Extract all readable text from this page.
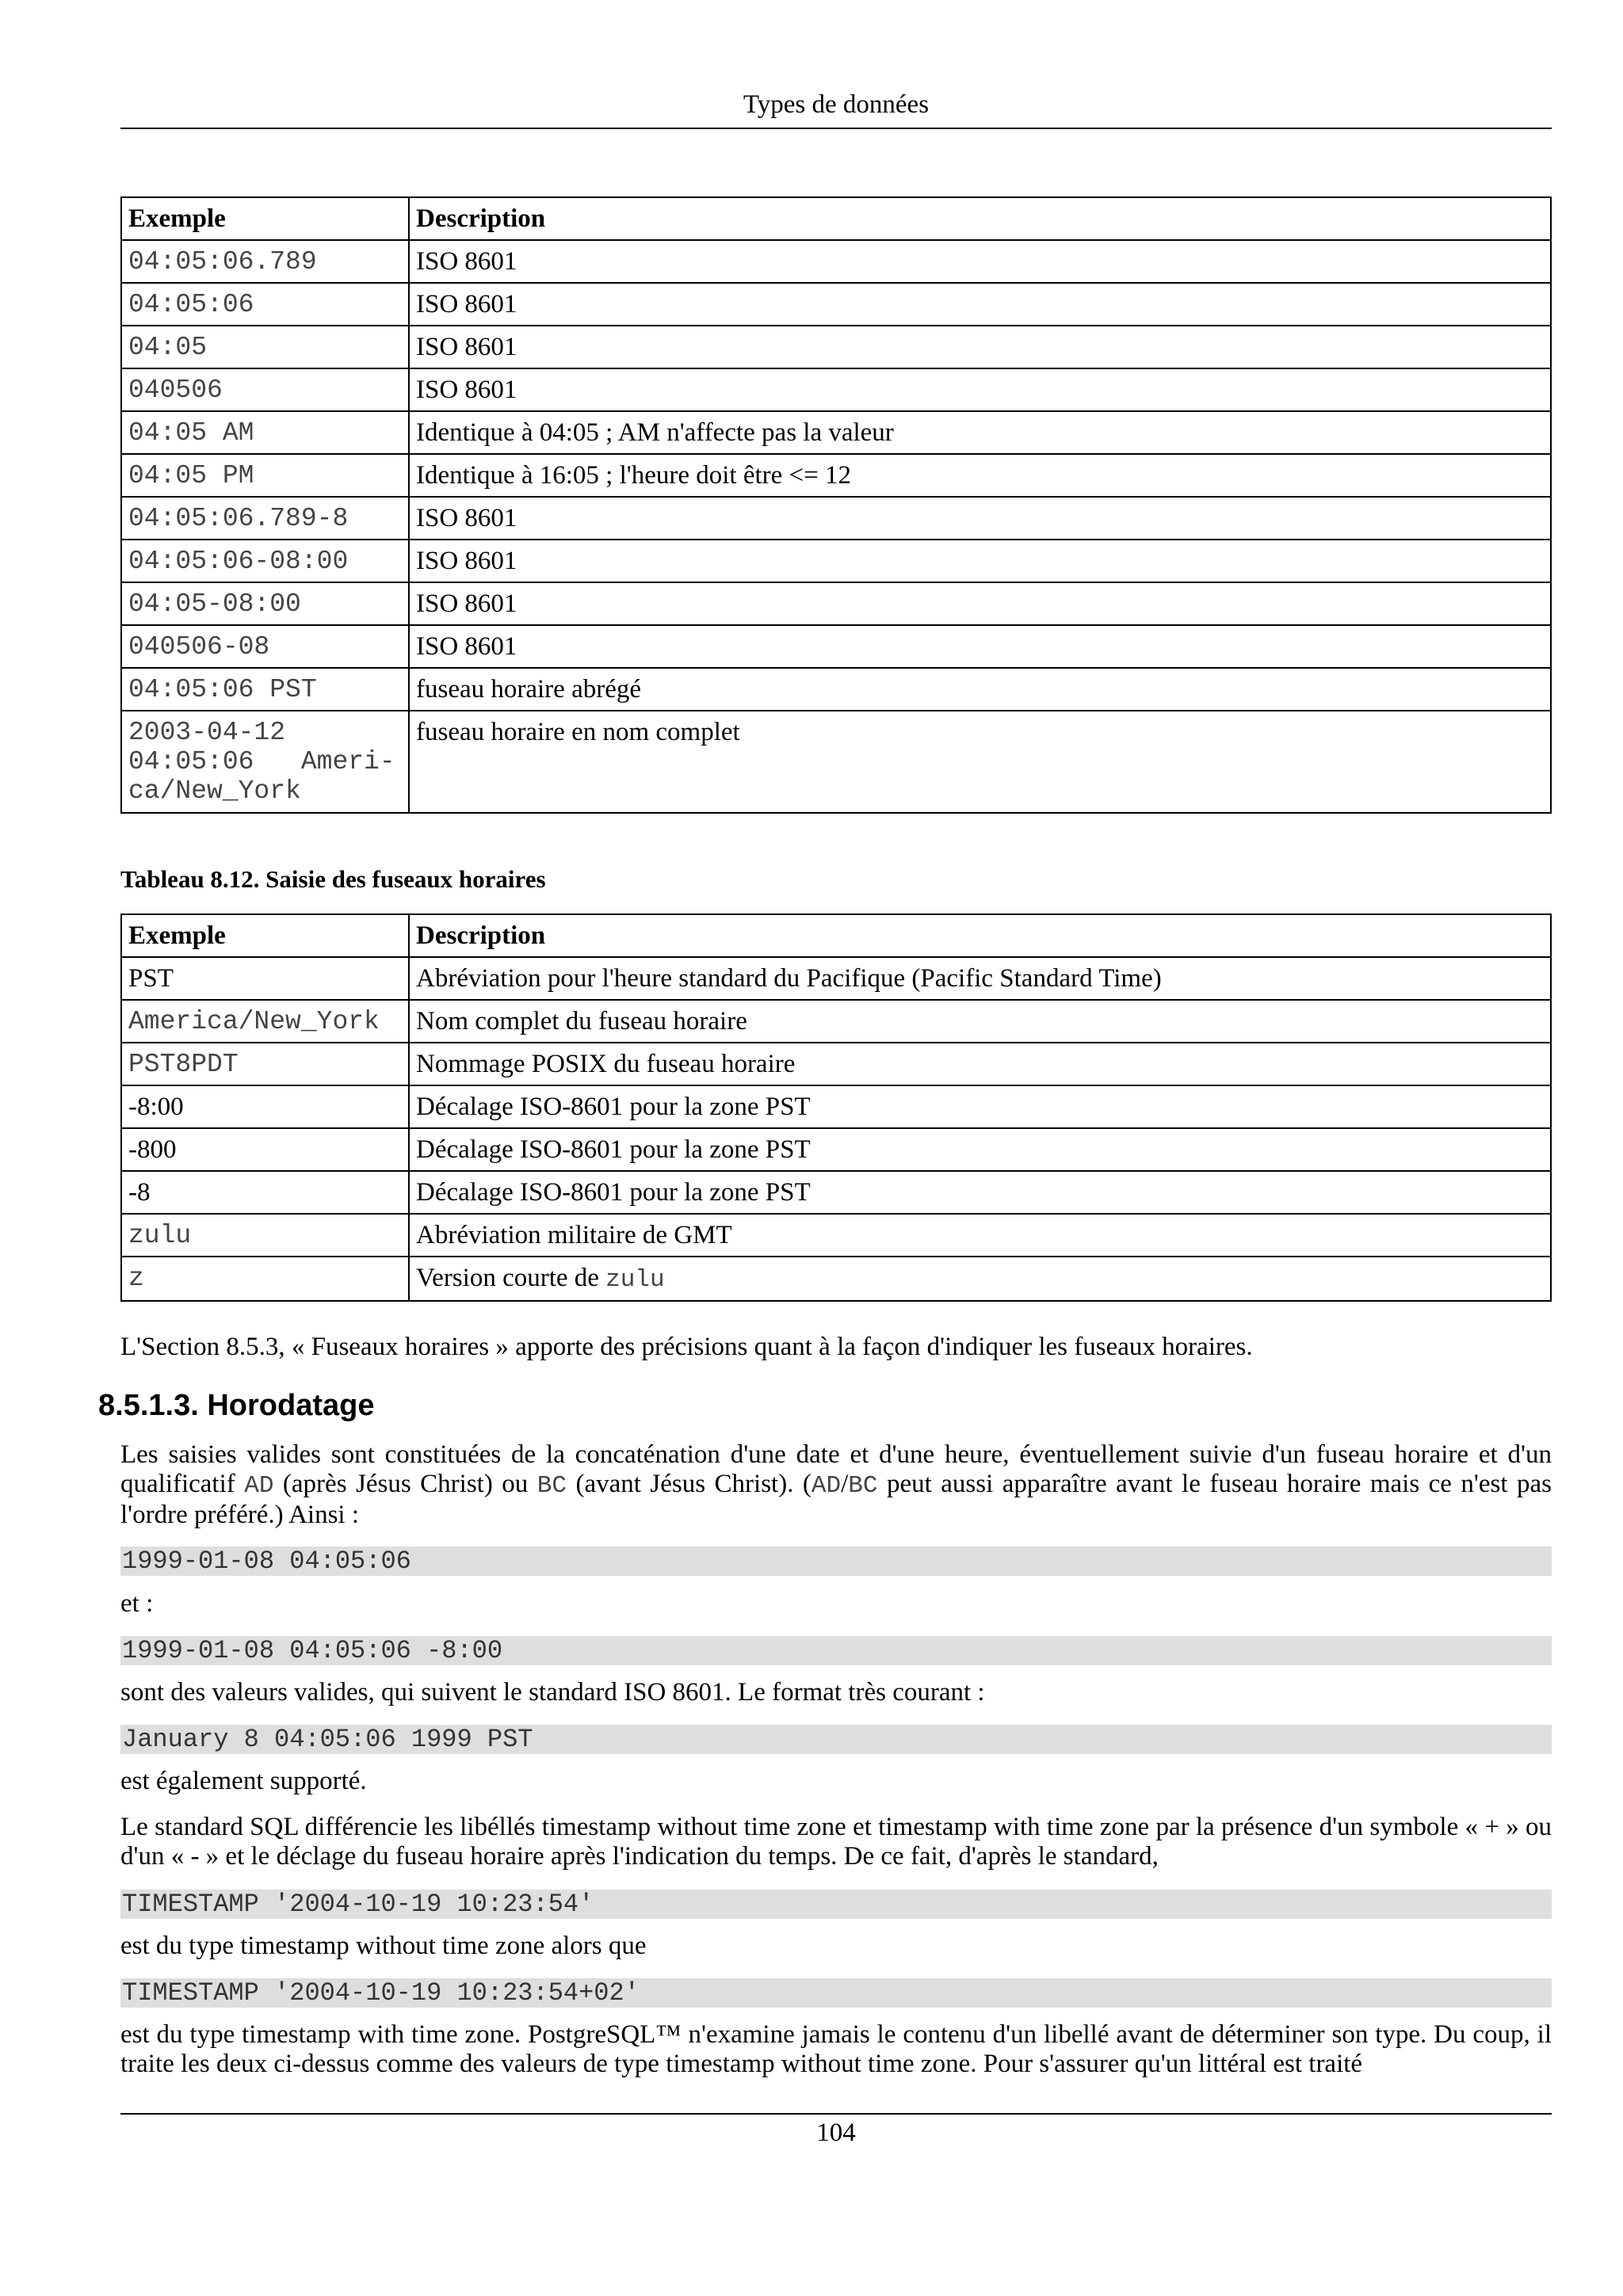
Types de données
Exemple	Description
04:05:06.789	ISO 8601
04:05:06	ISO 8601
04:05	ISO 8601
040506	ISO 8601
04:05 AM	Identique à 04:05 ; AM n'affecte pas la valeur
04:05 PM	Identique à 16:05 ; l'heure doit être <= 12
04:05:06.789-8	ISO 8601
04:05:06-08:00	ISO 8601
04:05-08:00	ISO 8601
040506-08	ISO 8601
04:05:06 PST	fuseau horaire abrégé

2003-04-12
04:05:06   Ameri-
ca/New_York	fuseau horaire en nom complet
Tableau 8.12. Saisie des fuseaux horaires
Exemple	Description
PST	Abréviation pour l'heure standard du Pacifique (Pacific Standard Time)
America/New_York	Nom complet du fuseau horaire
PST8PDT	Nommage POSIX du fuseau horaire
-8:00	Décalage ISO-8601 pour la zone PST
-800	Décalage ISO-8601 pour la zone PST
-8	Décalage ISO-8601 pour la zone PST
zulu	Abréviation militaire de GMT
z	Version courte de zulu
L'Section 8.5.3, « Fuseaux horaires » apporte des précisions quant à la façon d'indiquer les fuseaux horaires.
8.5.1.3. Horodatage
Les saisies valides sont constituées de la concaténation d'une date et d'une heure, éventuellement suivie d'un fuseau horaire et d'un qualificatif AD (après Jésus Christ) ou BC (avant Jésus Christ). (AD/BC peut aussi apparaître avant le fuseau horaire mais ce n'est pas l'ordre préféré.) Ainsi :
1999-01-08 04:05:06
et :
1999-01-08 04:05:06 -8:00
sont des valeurs valides, qui suivent le standard ISO 8601. Le format très courant :
January 8 04:05:06 1999 PST
est également supporté.
Le standard SQL différencie les libéllés timestamp without time zone et timestamp with time zone par la présence d'un symbole « + » ou d'un « - » et le déclage du fuseau horaire après l'indication du temps. De ce fait, d'après le standard,
TIMESTAMP '2004-10-19 10:23:54'
est du type timestamp without time zone alors que
TIMESTAMP '2004-10-19 10:23:54+02'
est du type timestamp with time zone. PostgreSQL™ n'examine jamais le contenu d'un libellé avant de déterminer son type. Du coup, il traite les deux ci-dessus comme des valeurs de type timestamp without time zone. Pour s'assurer qu'un littéral est traité
104
